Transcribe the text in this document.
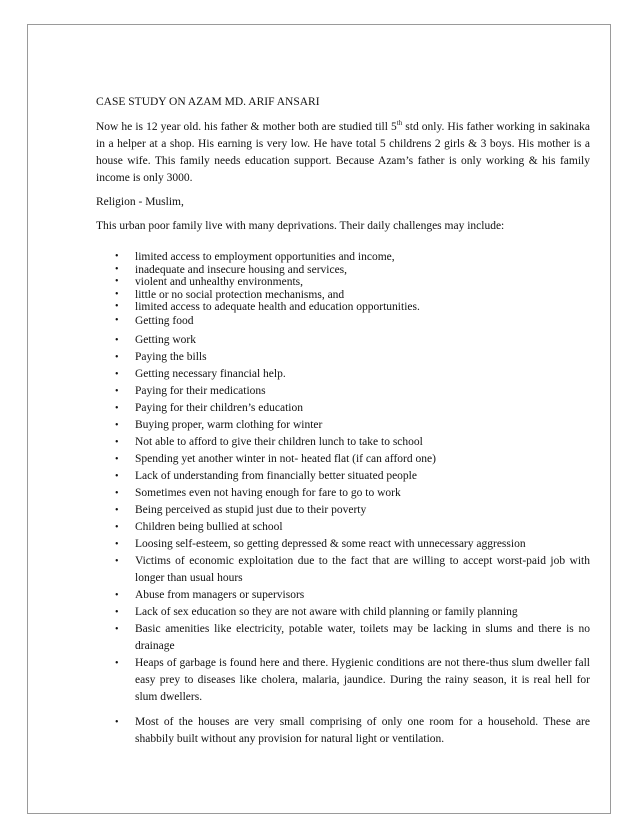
CASE STUDY ON AZAM MD. ARIF ANSARI

Now he is 12 year old. his father & mother both are studied till 5th std only. His father working in sakinaka in a helper at a shop. His earning is very low. He have total 5 childrens 2 girls & 3 boys. His mother is a house wife. This family needs education support. Because Azam’s father is only working & his family income is only 3000.

Religion - Muslim,

This urban poor family live with many deprivations. Their daily challenges may include:

• limited access to employment opportunities and income,
• inadequate and insecure housing and services,
• violent and unhealthy environments,
• little or no social protection mechanisms, and
• limited access to adequate health and education opportunities.
• Getting food
• Getting work
• Paying the bills
• Getting necessary financial help.
• Paying for their medications
• Paying for their children’s education
• Buying proper, warm clothing for winter
• Not able to afford to give their children lunch to take to school
• Spending yet another winter in not- heated flat (if can afford one)
• Lack of understanding from financially better situated people
• Sometimes even not having enough for fare to go to work
• Being perceived as stupid just due to their poverty
• Children being bullied at school
• Loosing self-esteem, so getting depressed & some react with unnecessary aggression
• Victims of economic exploitation due to the fact that are willing to accept worst-paid job with longer than usual hours
• Abuse from managers or supervisors
• Lack of sex education so they are not aware with child planning or family planning
• Basic amenities like electricity, potable water, toilets may be lacking in slums and there is no drainage
• Heaps of garbage is found here and there. Hygienic conditions are not there-thus slum dweller fall easy prey to diseases like cholera, malaria, jaundice. During the rainy season, it is real hell for slum dwellers.
• Most of the houses are very small comprising of only one room for a household. These are shabbily built without any provision for natural light or ventilation.
